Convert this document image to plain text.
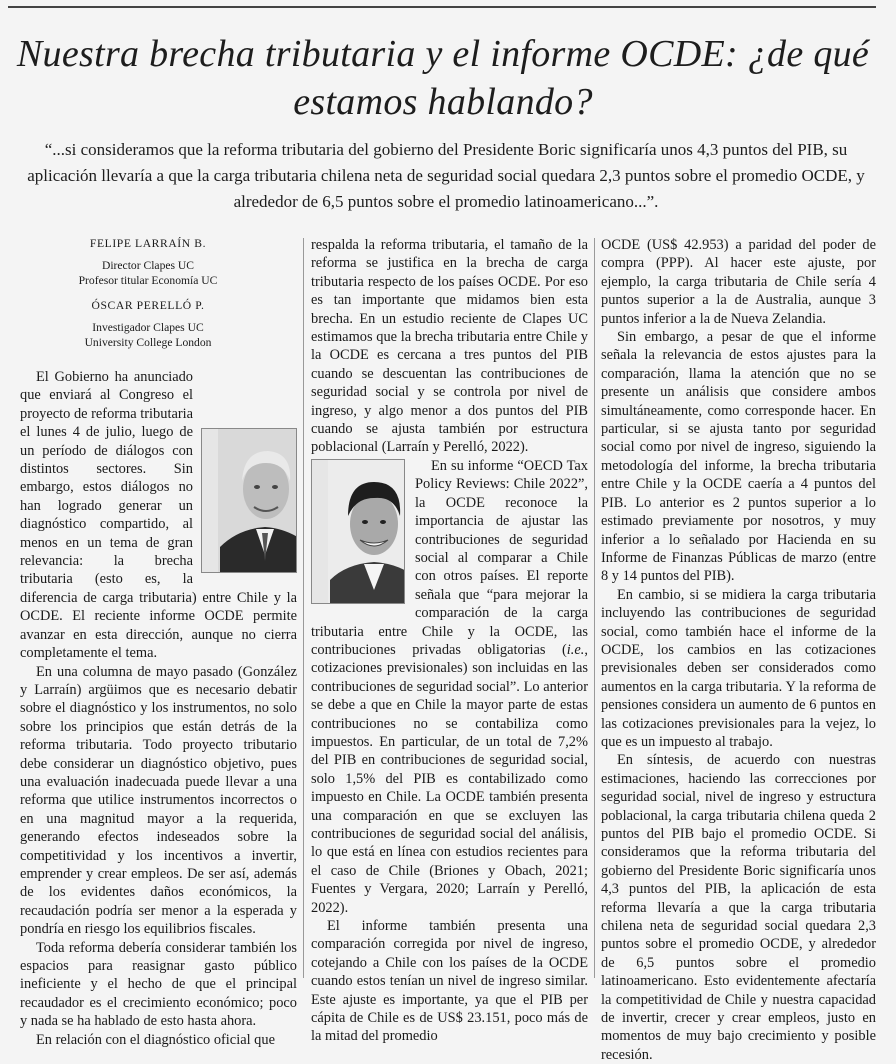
Nuestra brecha tributaria y el informe OCDE: ¿de qué estamos hablando?

“...si consideramos que la reforma tributaria del gobierno del Presidente Boric significaría unos 4,3 puntos del PIB, su aplicación llevaría a que la carga tributaria chilena neta de seguridad social quedara 2,3 puntos sobre el promedio OCDE, y alrededor de 6,5 puntos sobre el promedio latinoamericano...”.

FELIPE LARRAÍN B.
Director Clapes UC
Profesor titular Economía UC
ÓSCAR PERELLÓ P.
Investigador Clapes UC
University College London

El Gobierno ha anunciado que enviará al Congreso el proyecto de reforma tributaria el lunes 4 de julio, luego de un período de diálogos con distintos sectores. Sin embargo, estos diálogos no han logrado generar un diagnóstico compartido, al menos en un tema de gran relevancia: la brecha tributaria (esto es, la diferencia de carga tributaria) entre Chile y la OCDE. El reciente informe OCDE permite avanzar en esta dirección, aunque no cierra completamente el tema.

En una columna de mayo pasado (González y Larraín) argüimos que es necesario debatir sobre el diagnóstico y los instrumentos, no solo sobre los principios que están detrás de la reforma tributaria. Todo proyecto tributario debe considerar un diagnóstico objetivo, pues una evaluación inadecuada puede llevar a una reforma que utilice instrumentos incorrectos o en una magnitud mayor a la requerida, generando efectos indeseados sobre la competitividad y los incentivos a invertir, emprender y crear empleos. De ser así, además de los evidentes daños económicos, la recaudación podría ser menor a la esperada y pondría en riesgo los equilibrios fiscales.

Toda reforma debería considerar también los espacios para reasignar gasto público ineficiente y el hecho de que el principal recaudador es el crecimiento económico; poco y nada se ha hablado de esto hasta ahora.

En relación con el diagnóstico oficial que

respalda la reforma tributaria, el tamaño de la reforma se justifica en la brecha de carga tributaria respecto de los países OCDE. Por eso es tan importante que midamos bien esta brecha. En un estudio reciente de Clapes UC estimamos que la brecha tributaria entre Chile y la OCDE es cercana a tres puntos del PIB cuando se descuentan las contribuciones de seguridad social y se controla por nivel de ingreso, y algo menor a dos puntos del PIB cuando se ajusta también por estructura poblacional (Larraín y Perelló, 2022).

En su informe “OECD Tax Policy Reviews: Chile 2022”, la OCDE reconoce la importancia de ajustar las contribuciones de seguridad social al comparar a Chile con otros países. El reporte señala que “para mejorar la comparación de la carga tributaria entre Chile y la OCDE, las contribuciones privadas obligatorias (i.e., cotizaciones previsionales) son incluidas en las contribuciones de seguridad social”. Lo anterior se debe a que en Chile la mayor parte de estas contribuciones no se contabiliza como impuestos. En particular, de un total de 7,2% del PIB en contribuciones de seguridad social, solo 1,5% del PIB es contabilizado como impuesto en Chile. La OCDE también presenta una comparación en que se excluyen las contribuciones de seguridad social del análisis, lo que está en línea con estudios recientes para el caso de Chile (Briones y Obach, 2021; Fuentes y Vergara, 2020; Larraín y Perelló, 2022).

El informe también presenta una comparación corregida por nivel de ingreso, cotejando a Chile con los países de la OCDE cuando estos tenían un nivel de ingreso similar. Este ajuste es importante, ya que el PIB per cápita de Chile es de US$ 23.151, poco más de la mitad del promedio

OCDE (US$ 42.953) a paridad del poder de compra (PPP). Al hacer este ajuste, por ejemplo, la carga tributaria de Chile sería 4 puntos superior a la de Australia, aunque 3 puntos inferior a la de Nueva Zelandia.

Sin embargo, a pesar de que el informe señala la relevancia de estos ajustes para la comparación, llama la atención que no se presente un análisis que considere ambos simultáneamente, como corresponde hacer. En particular, si se ajusta tanto por seguridad social como por nivel de ingreso, siguiendo la metodología del informe, la brecha tributaria entre Chile y la OCDE caería a 4 puntos del PIB. Lo anterior es 2 puntos superior a lo estimado previamente por nosotros, y muy inferior a lo señalado por Hacienda en su Informe de Finanzas Públicas de marzo (entre 8 y 14 puntos del PIB).

En cambio, si se midiera la carga tributaria incluyendo las contribuciones de seguridad social, como también hace el informe de la OCDE, los cambios en las cotizaciones previsionales deben ser considerados como aumentos en la carga tributaria. Y la reforma de pensiones considera un aumento de 6 puntos en las cotizaciones previsionales para la vejez, lo que es un impuesto al trabajo.

En síntesis, de acuerdo con nuestras estimaciones, haciendo las correcciones por seguridad social, nivel de ingreso y estructura poblacional, la carga tributaria chilena queda 2 puntos del PIB bajo el promedio OCDE. Si consideramos que la reforma tributaria del gobierno del Presidente Boric significaría unos 4,3 puntos del PIB, la aplicación de esta reforma llevaría a que la carga tributaria chilena neta de seguridad social quedara 2,3 puntos sobre el promedio OCDE, y alrededor de 6,5 puntos sobre el promedio latinoamericano. Esto evidentemente afectaría la competitividad de Chile y nuestra capacidad de invertir, crecer y crear empleos, justo en momentos de muy bajo crecimiento y posible recesión.
